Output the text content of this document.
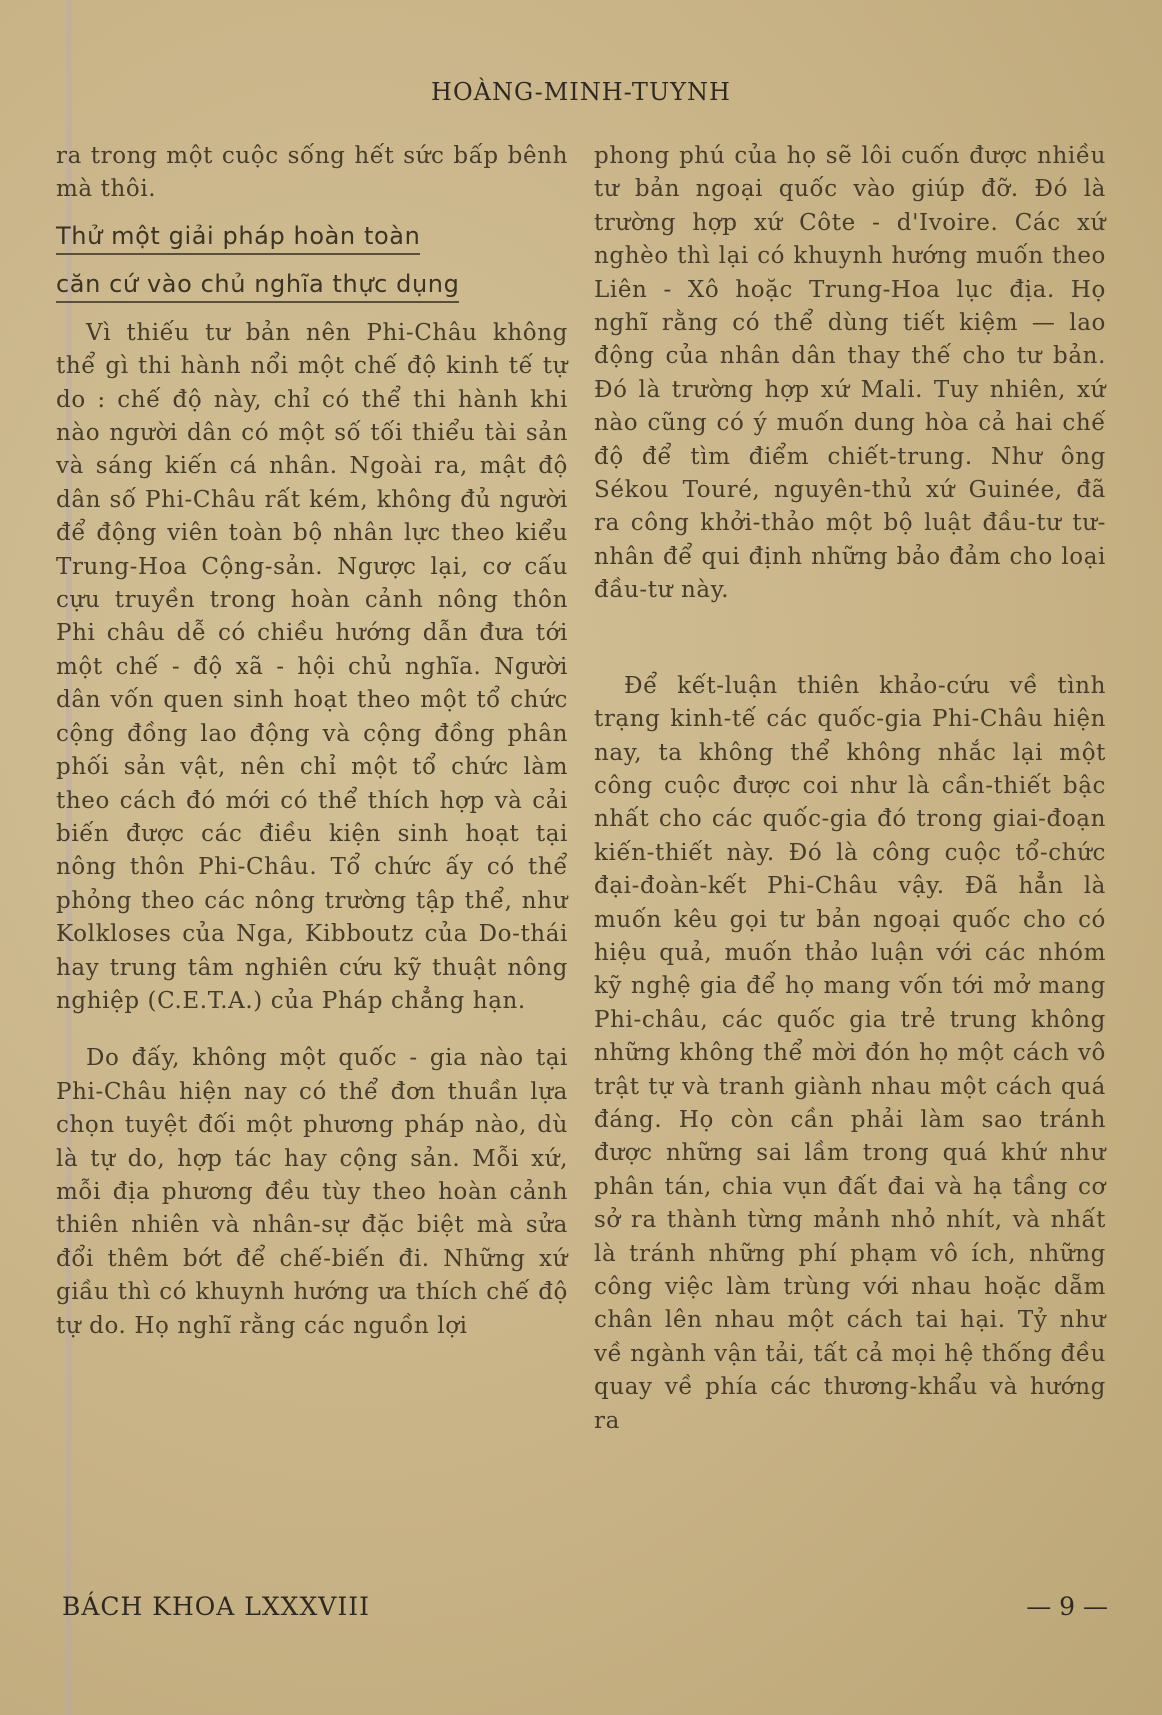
HOÀNG-MINH-TUYNH

ra trong một cuộc sống hết sức bấp bênh mà thôi.

Thử một giải pháp hoàn toàn
căn cứ vào chủ nghĩa thực dụng

Vì thiếu tư bản nên Phi-Châu không thể gì thi hành nổi một chế độ kinh tế tự do : chế độ này, chỉ có thể thi hành khi nào người dân có một số tối thiểu tài sản và sáng kiến cá nhân. Ngoài ra, mật độ dân số Phi-Châu rất kém, không đủ người để động viên toàn bộ nhân lực theo kiểu Trung-Hoa Cộng-sản. Ngược lại, cơ cấu cựu truyền trong hoàn cảnh nông thôn Phi châu dễ có chiều hướng dẫn đưa tới một chế - độ xã - hội chủ nghĩa. Người dân vốn quen sinh hoạt theo một tổ chức cộng đồng lao động và cộng đồng phân phối sản vật, nên chỉ một tổ chức làm theo cách đó mới có thể thích hợp và cải biến được các điều kiện sinh hoạt tại nông thôn Phi-Châu. Tổ chức ấy có thể phỏng theo các nông trường tập thể, như Kolkloses của Nga, Kibboutz của Do-thái hay trung tâm nghiên cứu kỹ thuật nông nghiệp (C.E.T.A.) của Pháp chẳng hạn.

Do đấy, không một quốc - gia nào tại Phi-Châu hiện nay có thể đơn thuần lựa chọn tuyệt đối một phương pháp nào, dù là tự do, hợp tác hay cộng sản. Mỗi xứ, mỗi địa phương đều tùy theo hoàn cảnh thiên nhiên và nhân-sự đặc biệt mà sửa đổi thêm bớt để chế-biến đi. Những xứ giầu thì có khuynh hướng ưa thích chế độ tự do. Họ nghĩ rằng các nguồn lợi

phong phú của họ sẽ lôi cuốn được nhiều tư bản ngoại quốc vào giúp đỡ. Đó là trường hợp xứ Côte - d'Ivoire. Các xứ nghèo thì lại có khuynh hướng muốn theo Liên - Xô hoặc Trung-Hoa lục địa. Họ nghĩ rằng có thể dùng tiết kiệm — lao động của nhân dân thay thế cho tư bản. Đó là trường hợp xứ Mali. Tuy nhiên, xứ nào cũng có ý muốn dung hòa cả hai chế độ để tìm điểm chiết-trung. Như ông Sékou Touré, nguyên-thủ xứ Guinée, đã ra công khởi-thảo một bộ luật đầu-tư tư-nhân để qui định những bảo đảm cho loại đầu-tư này.

Để kết-luận thiên khảo-cứu về tình trạng kinh-tế các quốc-gia Phi-Châu hiện nay, ta không thể không nhắc lại một công cuộc được coi như là cần-thiết bậc nhất cho các quốc-gia đó trong giai-đoạn kiến-thiết này. Đó là công cuộc tổ-chức đại-đoàn-kết Phi-Châu vậy. Đã hẳn là muốn kêu gọi tư bản ngoại quốc cho có hiệu quả, muốn thảo luận với các nhóm kỹ nghệ gia để họ mang vốn tới mở mang Phi-châu, các quốc gia trẻ trung không những không thể mời đón họ một cách vô trật tự và tranh giành nhau một cách quá đáng. Họ còn cần phải làm sao tránh được những sai lầm trong quá khứ như phân tán, chia vụn đất đai và hạ tầng cơ sở ra thành từng mảnh nhỏ nhít, và nhất là tránh những phí phạm vô ích, những công việc làm trùng với nhau hoặc dẵm chân lên nhau một cách tai hại. Tỷ như về ngành vận tải, tất cả mọi hệ thống đều quay về phía các thương-khẩu và hướng ra

BÁCH KHOA LXXXVIII	— 9 —
